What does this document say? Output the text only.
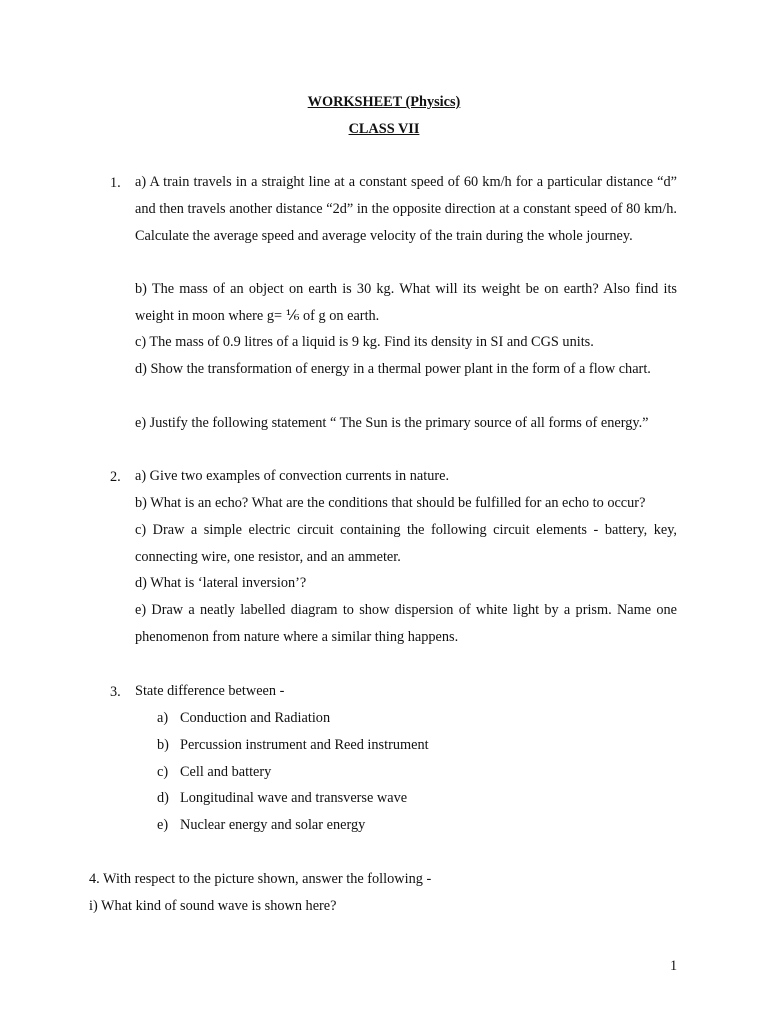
WORKSHEET (Physics)
CLASS VII
1. a) A train travels in a straight line at a constant speed of 60 km/h for a particular distance “d” and then travels another distance “2d” in the opposite direction at a constant speed of 80 km/h. Calculate the average speed and average velocity of the train during the whole journey.
b) The mass of an object on earth is 30 kg. What will its weight be on earth? Also find its weight in moon where g= ⅙ of g on earth.
c) The mass of 0.9 litres of a liquid is 9 kg. Find its density in SI and CGS units.
d) Show the transformation of energy in a thermal power plant in the form of a flow chart.
e) Justify the following statement “ The Sun is the primary source of all forms of energy.”
2. a) Give two examples of convection currents in nature.
b) What is an echo? What are the conditions that should be fulfilled for an echo to occur?
c) Draw a simple electric circuit containing the following circuit elements - battery, key, connecting wire, one resistor, and an ammeter.
d) What is ‘lateral inversion’?
e) Draw a neatly labelled diagram to show dispersion of white light by a prism. Name one phenomenon from nature where a similar thing happens.
3. State difference between -
a) Conduction and Radiation
b) Percussion instrument and Reed instrument
c) Cell and battery
d) Longitudinal wave and transverse wave
e) Nuclear energy and solar energy
4. With respect to the picture shown, answer the following -
i) What kind of sound wave is shown here?
1
